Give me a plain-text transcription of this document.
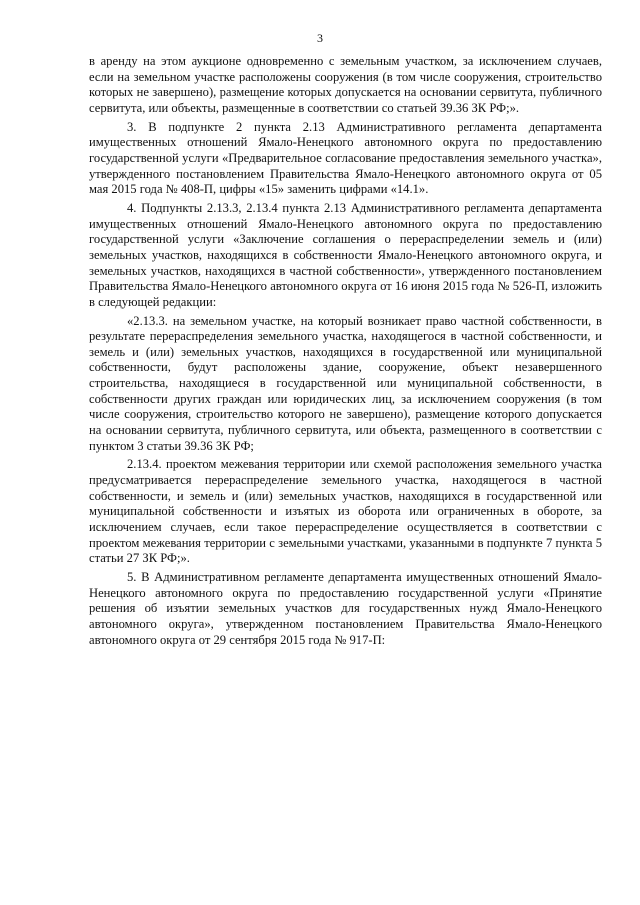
3

в аренду на этом аукционе одновременно с земельным участком, за исключением случаев, если на земельном участке расположены сооружения (в том числе сооружения, строительство которых не завершено), размещение которых допускается на основании сервитута, публичного сервитута, или объекты, размещенные в соответствии со статьей 39.36 ЗК РФ;».

3. В подпункте 2 пункта 2.13 Административного регламента департамента имущественных отношений Ямало-Ненецкого автономного округа по предоставлению государственной услуги «Предварительное согласование предоставления земельного участка», утвержденного постановлением Правительства Ямало-Ненецкого автономного округа от 05 мая 2015 года № 408-П, цифры «15» заменить цифрами «14.1».

4. Подпункты 2.13.3, 2.13.4 пункта 2.13 Административного регламента департамента имущественных отношений Ямало-Ненецкого автономного округа по предоставлению государственной услуги «Заключение соглашения о перераспределении земель и (или) земельных участков, находящихся в собственности Ямало-Ненецкого автономного округа, и земельных участков, находящихся в частной собственности», утвержденного постановлением Правительства Ямало-Ненецкого автономного округа от 16 июня 2015 года № 526-П, изложить в следующей редакции:

«2.13.3. на земельном участке, на который возникает право частной собственности, в результате перераспределения земельного участка, находящегося в частной собственности, и земель и (или) земельных участков, находящихся в государственной или муниципальной собственности, будут расположены здание, сооружение, объект незавершенного строительства, находящиеся в государственной или муниципальной собственности, в собственности других граждан или юридических лиц, за исключением сооружения (в том числе сооружения, строительство которого не завершено), размещение которого допускается на основании сервитута, публичного сервитута, или объекта, размещенного в соответствии с пунктом 3 статьи 39.36 ЗК РФ;

2.13.4. проектом межевания территории или схемой расположения земельного участка предусматривается перераспределение земельного участка, находящегося в частной собственности, и земель и (или) земельных участков, находящихся в государственной или муниципальной собственности и изъятых из оборота или ограниченных в обороте, за исключением случаев, если такое перераспределение осуществляется в соответствии с проектом межевания территории с земельными участками, указанными в подпункте 7 пункта 5 статьи 27 ЗК РФ;».

5. В Административном регламенте департамента имущественных отношений Ямало-Ненецкого автономного округа по предоставлению государственной услуги «Принятие решения об изъятии земельных участков для государственных нужд Ямало-Ненецкого автономного округа», утвержденном постановлением Правительства Ямало-Ненецкого автономного округа от 29 сентября 2015 года № 917-П:
